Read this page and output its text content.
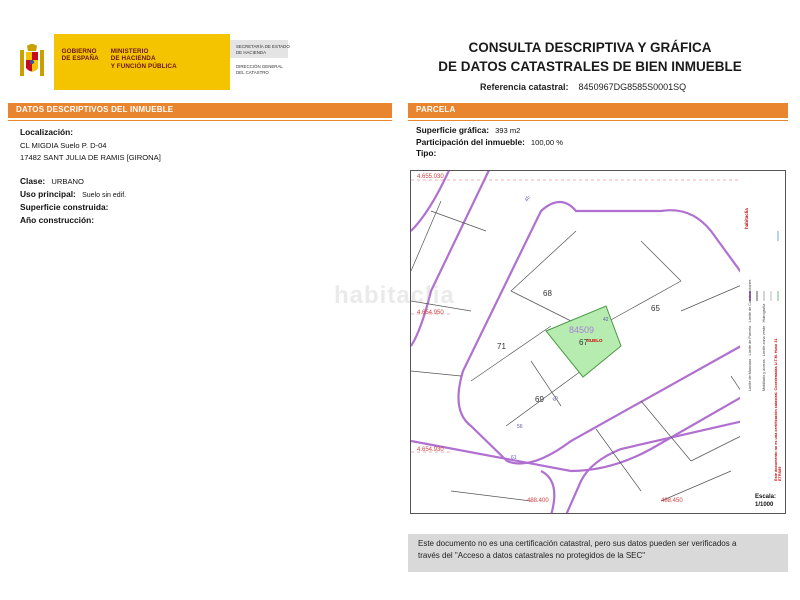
GOBIERNO
DE ESPAÑA
MINISTERIO
DE HACIENDA
Y FUNCIÓN PÚBLICA
SECRETARÍA DE ESTADO
DE HACIENDA
DIRECCIÓN GENERAL
DEL CATASTRO
CONSULTA DESCRIPTIVA Y GRÁFICA
DE DATOS CATASTRALES DE BIEN INMUEBLE
Referencia catastral: 8450967DG8585S0001SQ
DATOS DESCRIPTIVOS DEL INMUEBLE	PARCELA
Localización:
CL MIGDIA Suelo P. D-04
17482 SANT JULIA DE RAMIS [GIRONA]
Clase: URBANO
Uso principal: Suelo sin edif.
Superficie construida:
Año construcción:
Superficie gráfica: 393 m2
Participación del inmueble: 100,00 %
Tipo:
4.655.030
4.654.950
4.654.930
488.400	488.450
84509
67 SUELO
68
65
71
69
45
60
56
61
42
habitaclia
Límite de Manzana · Límite de Parcela · Límite de Construcciones
Mobiliario y aceras · Límite zona verde · Hidrografía
Este documento no es una certificación catastral. Coordenadas U.T.M. Huso 31 ETRS89
Escala:
1/1000
habitaclia
Este documento no es una certificación catastral, pero sus datos pueden ser verificados a
través del "Acceso a datos catastrales no protegidos de la SEC"
